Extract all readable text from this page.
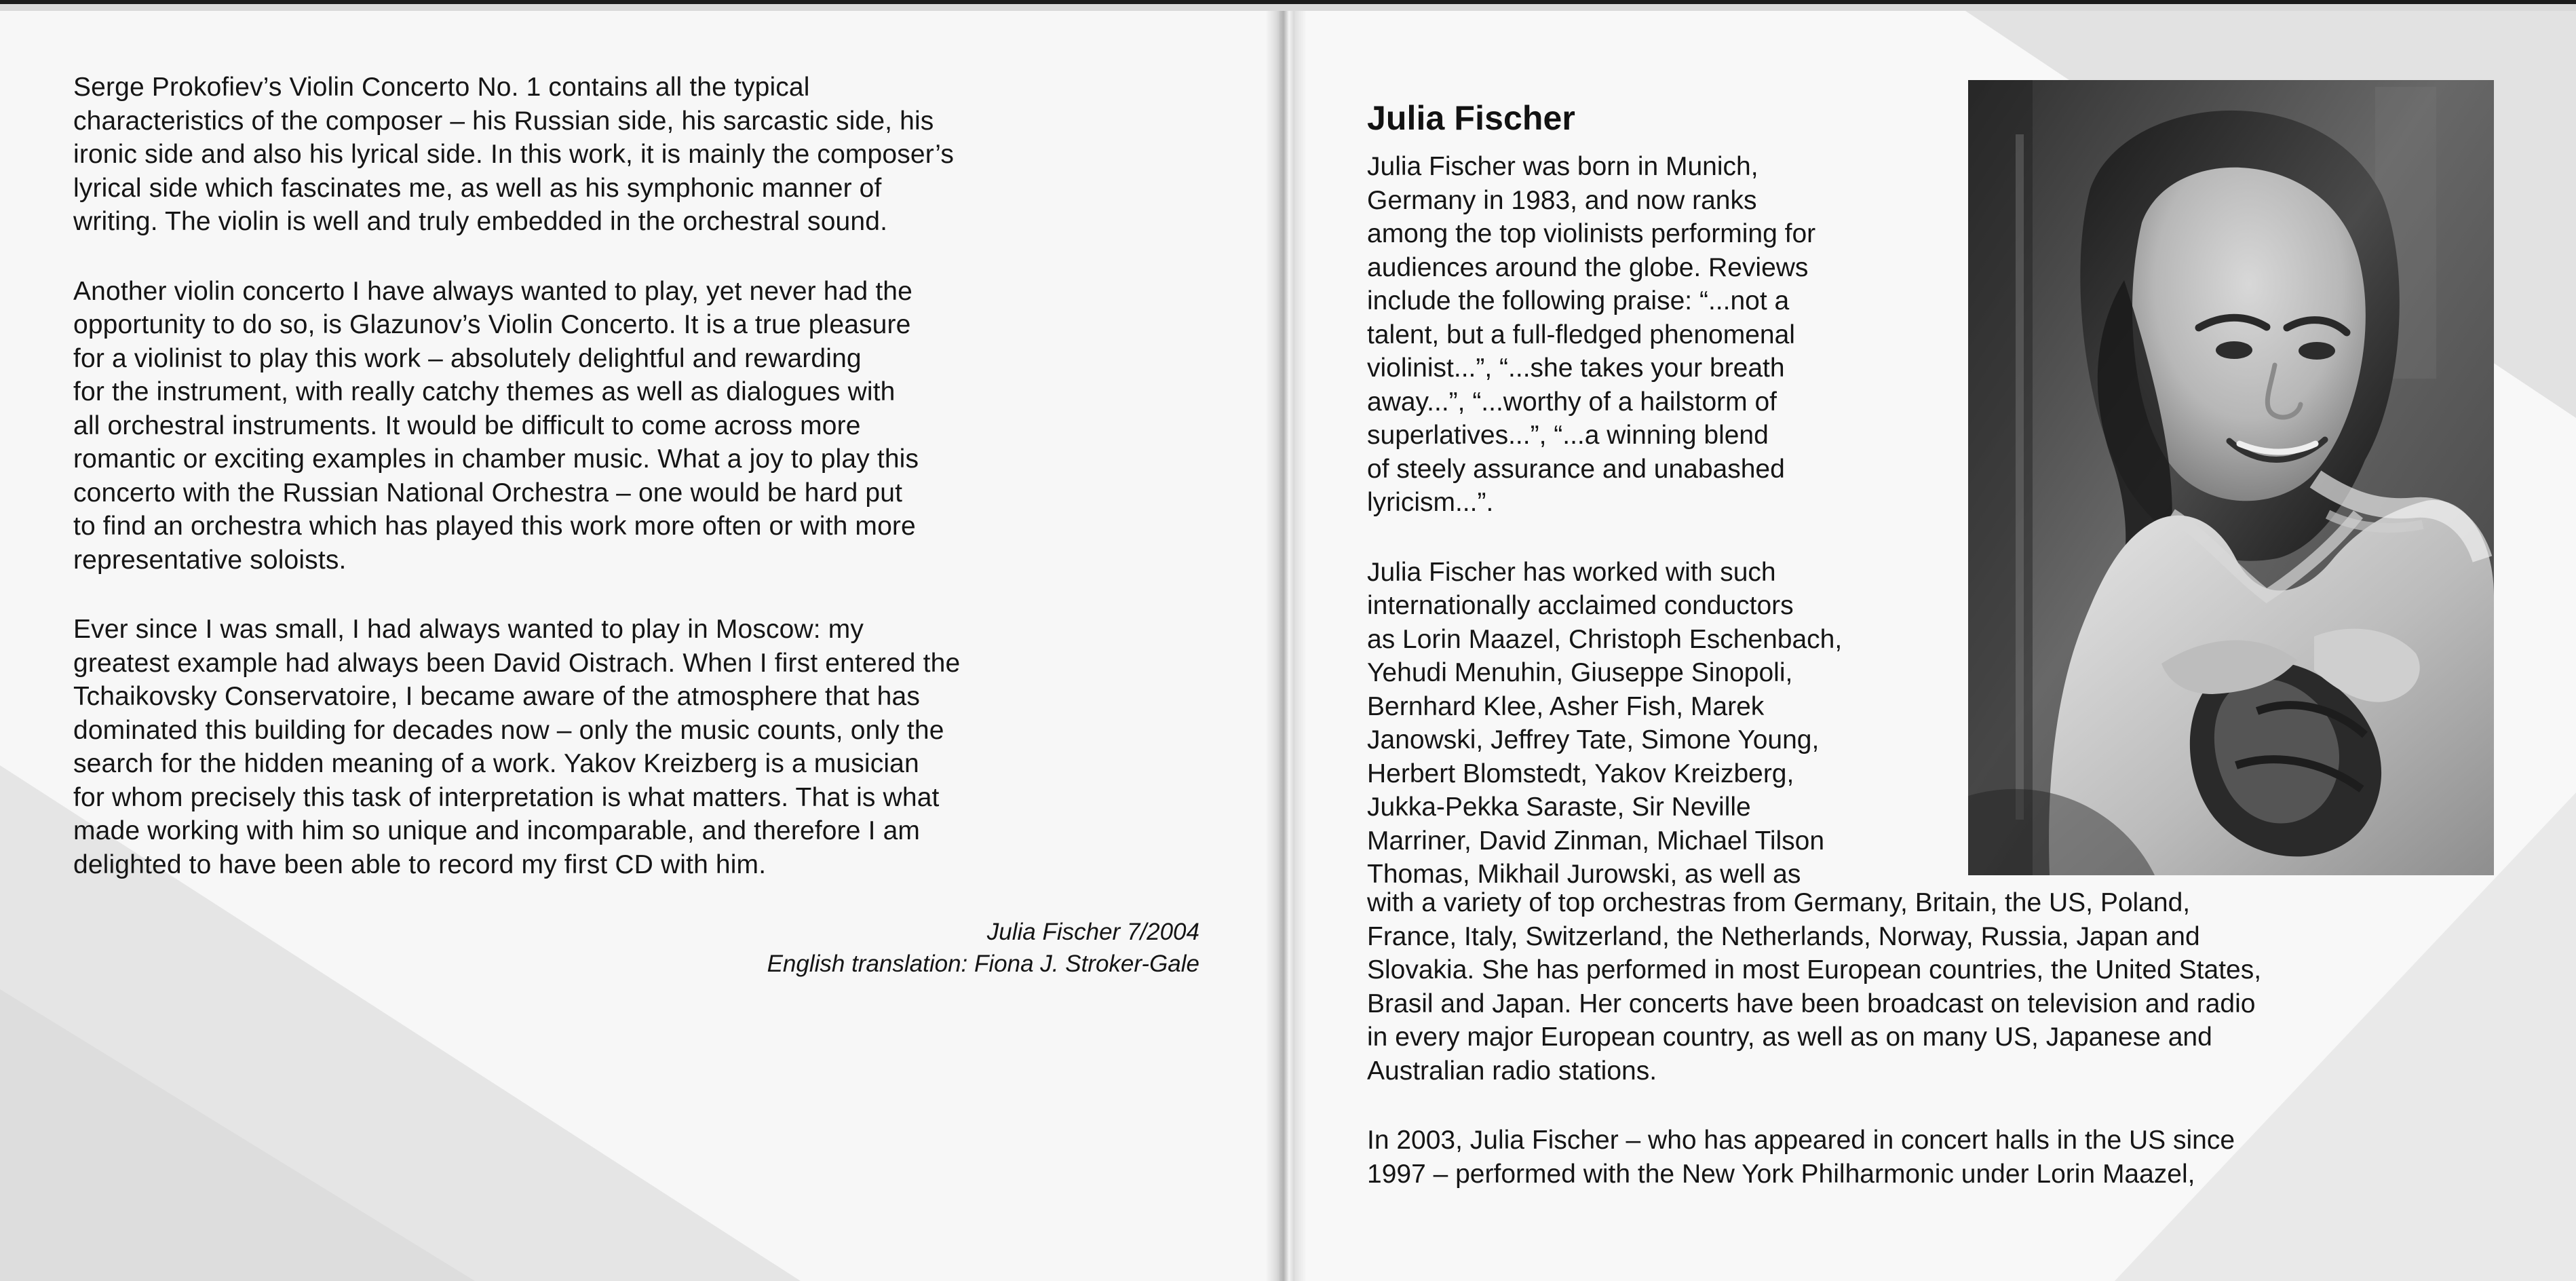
Serge Prokofiev’s Violin Concerto No. 1 contains all the typical
characteristics of the composer – his Russian side, his sarcastic side, his
ironic side and also his lyrical side. In this work, it is mainly the composer’s
lyrical side which fascinates me, as well as his symphonic manner of
writing. The violin is well and truly embedded in the orchestral sound.

Another violin concerto I have always wanted to play, yet never had the
opportunity to do so, is Glazunov’s Violin Concerto. It is a true pleasure
for a violinist to play this work – absolutely delightful and rewarding
for the instrument, with really catchy themes as well as dialogues with
all orchestral instruments. It would be difficult to come across more
romantic or exciting examples in chamber music. What a joy to play this
concerto with the Russian National Orchestra – one would be hard put
to find an orchestra which has played this work more often or with more
representative soloists.

Ever since I was small, I had always wanted to play in Moscow: my
greatest example had always been David Oistrach. When I first entered the
Tchaikovsky Conservatoire, I became aware of the atmosphere that has
dominated this building for decades now – only the music counts, only the
search for the hidden meaning of a work. Yakov Kreizberg is a musician
for whom precisely this task of interpretation is what matters. That is what
made working with him so unique and incomparable, and therefore I am
delighted to have been able to record my first CD with him.

Julia Fischer 7/2004
English translation: Fiona J. Stroker-Gale
Julia Fischer

Julia Fischer was born in Munich,
Germany in 1983, and now ranks
among the top violinists performing for
audiences around the globe. Reviews
include the following praise: “...not a
talent, but a full-fledged phenomenal
violinist...”, “...she takes your breath
away...”, “...worthy of a hailstorm of
superlatives...”, “...a winning blend
of steely assurance and unabashed
lyricism...”.

Julia Fischer has worked with such
internationally acclaimed conductors
as Lorin Maazel, Christoph Eschenbach,
Yehudi Menuhin, Giuseppe Sinopoli,
Bernhard Klee, Asher Fish, Marek
Janowski, Jeffrey Tate, Simone Young,
Herbert Blomstedt, Yakov Kreizberg,
Jukka-Pekka Saraste, Sir Neville
Marriner, David Zinman, Michael Tilson
Thomas, Mikhail Jurowski, as well as

with a variety of top orchestras from Germany, Britain, the US, Poland,
France, Italy, Switzerland, the Netherlands, Norway, Russia, Japan and
Slovakia. She has performed in most European countries, the United States,
Brasil and Japan. Her concerts have been broadcast on television and radio
in every major European country, as well as on many US, Japanese and
Australian radio stations.

In 2003, Julia Fischer – who has appeared in concert halls in the US since
1997 – performed with the New York Philharmonic under Lorin Maazel,
